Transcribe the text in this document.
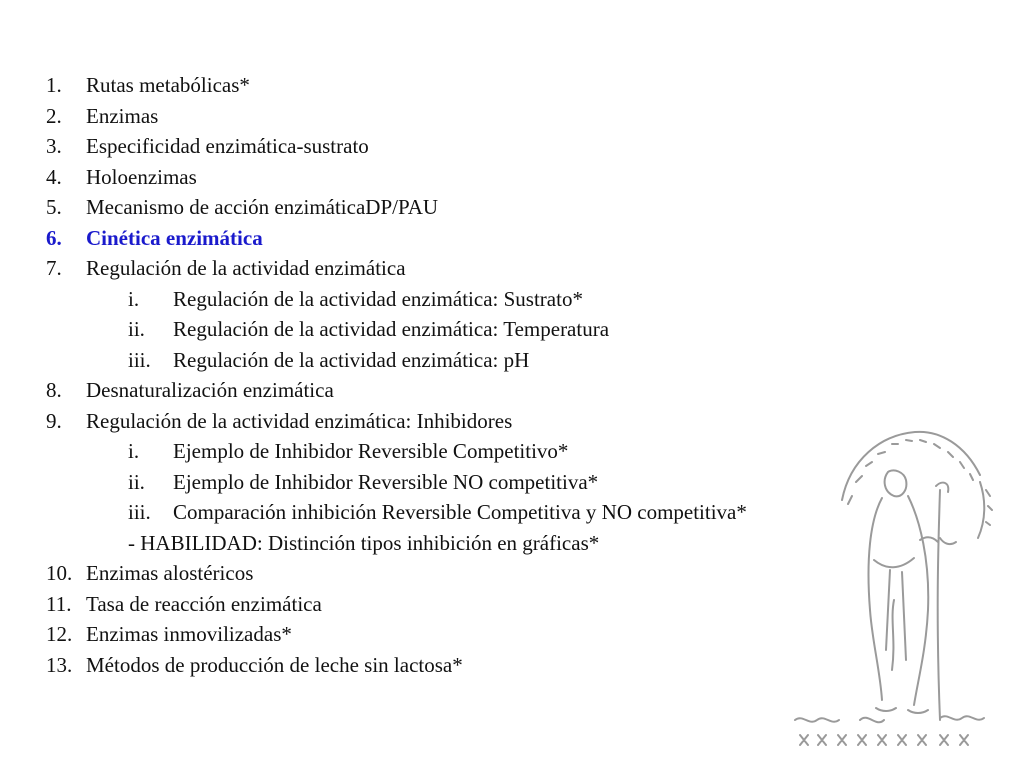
1. Rutas metabólicas*
2. Enzimas
3. Especificidad enzimática-sustrato
4. Holoenzimas
5. Mecanismo de acción enzimáticaDP/PAU
6. Cinética enzimática
7. Regulación de la actividad enzimática
i. Regulación de la actividad enzimática: Sustrato*
ii. Regulación de la actividad enzimática: Temperatura
iii. Regulación de la actividad enzimática: pH
8. Desnaturalización enzimática
9. Regulación de la actividad enzimática: Inhibidores
i. Ejemplo de Inhibidor Reversible Competitivo*
ii. Ejemplo de Inhibidor Reversible NO competitiva*
iii. Comparación inhibición Reversible Competitiva y NO competitiva*
- HABILIDAD: Distinción tipos inhibición en gráficas*
10. Enzimas alostéricos
11. Tasa de reacción enzimática
12. Enzimas inmovilizadas*
13. Métodos de producción de leche sin lactosa*
